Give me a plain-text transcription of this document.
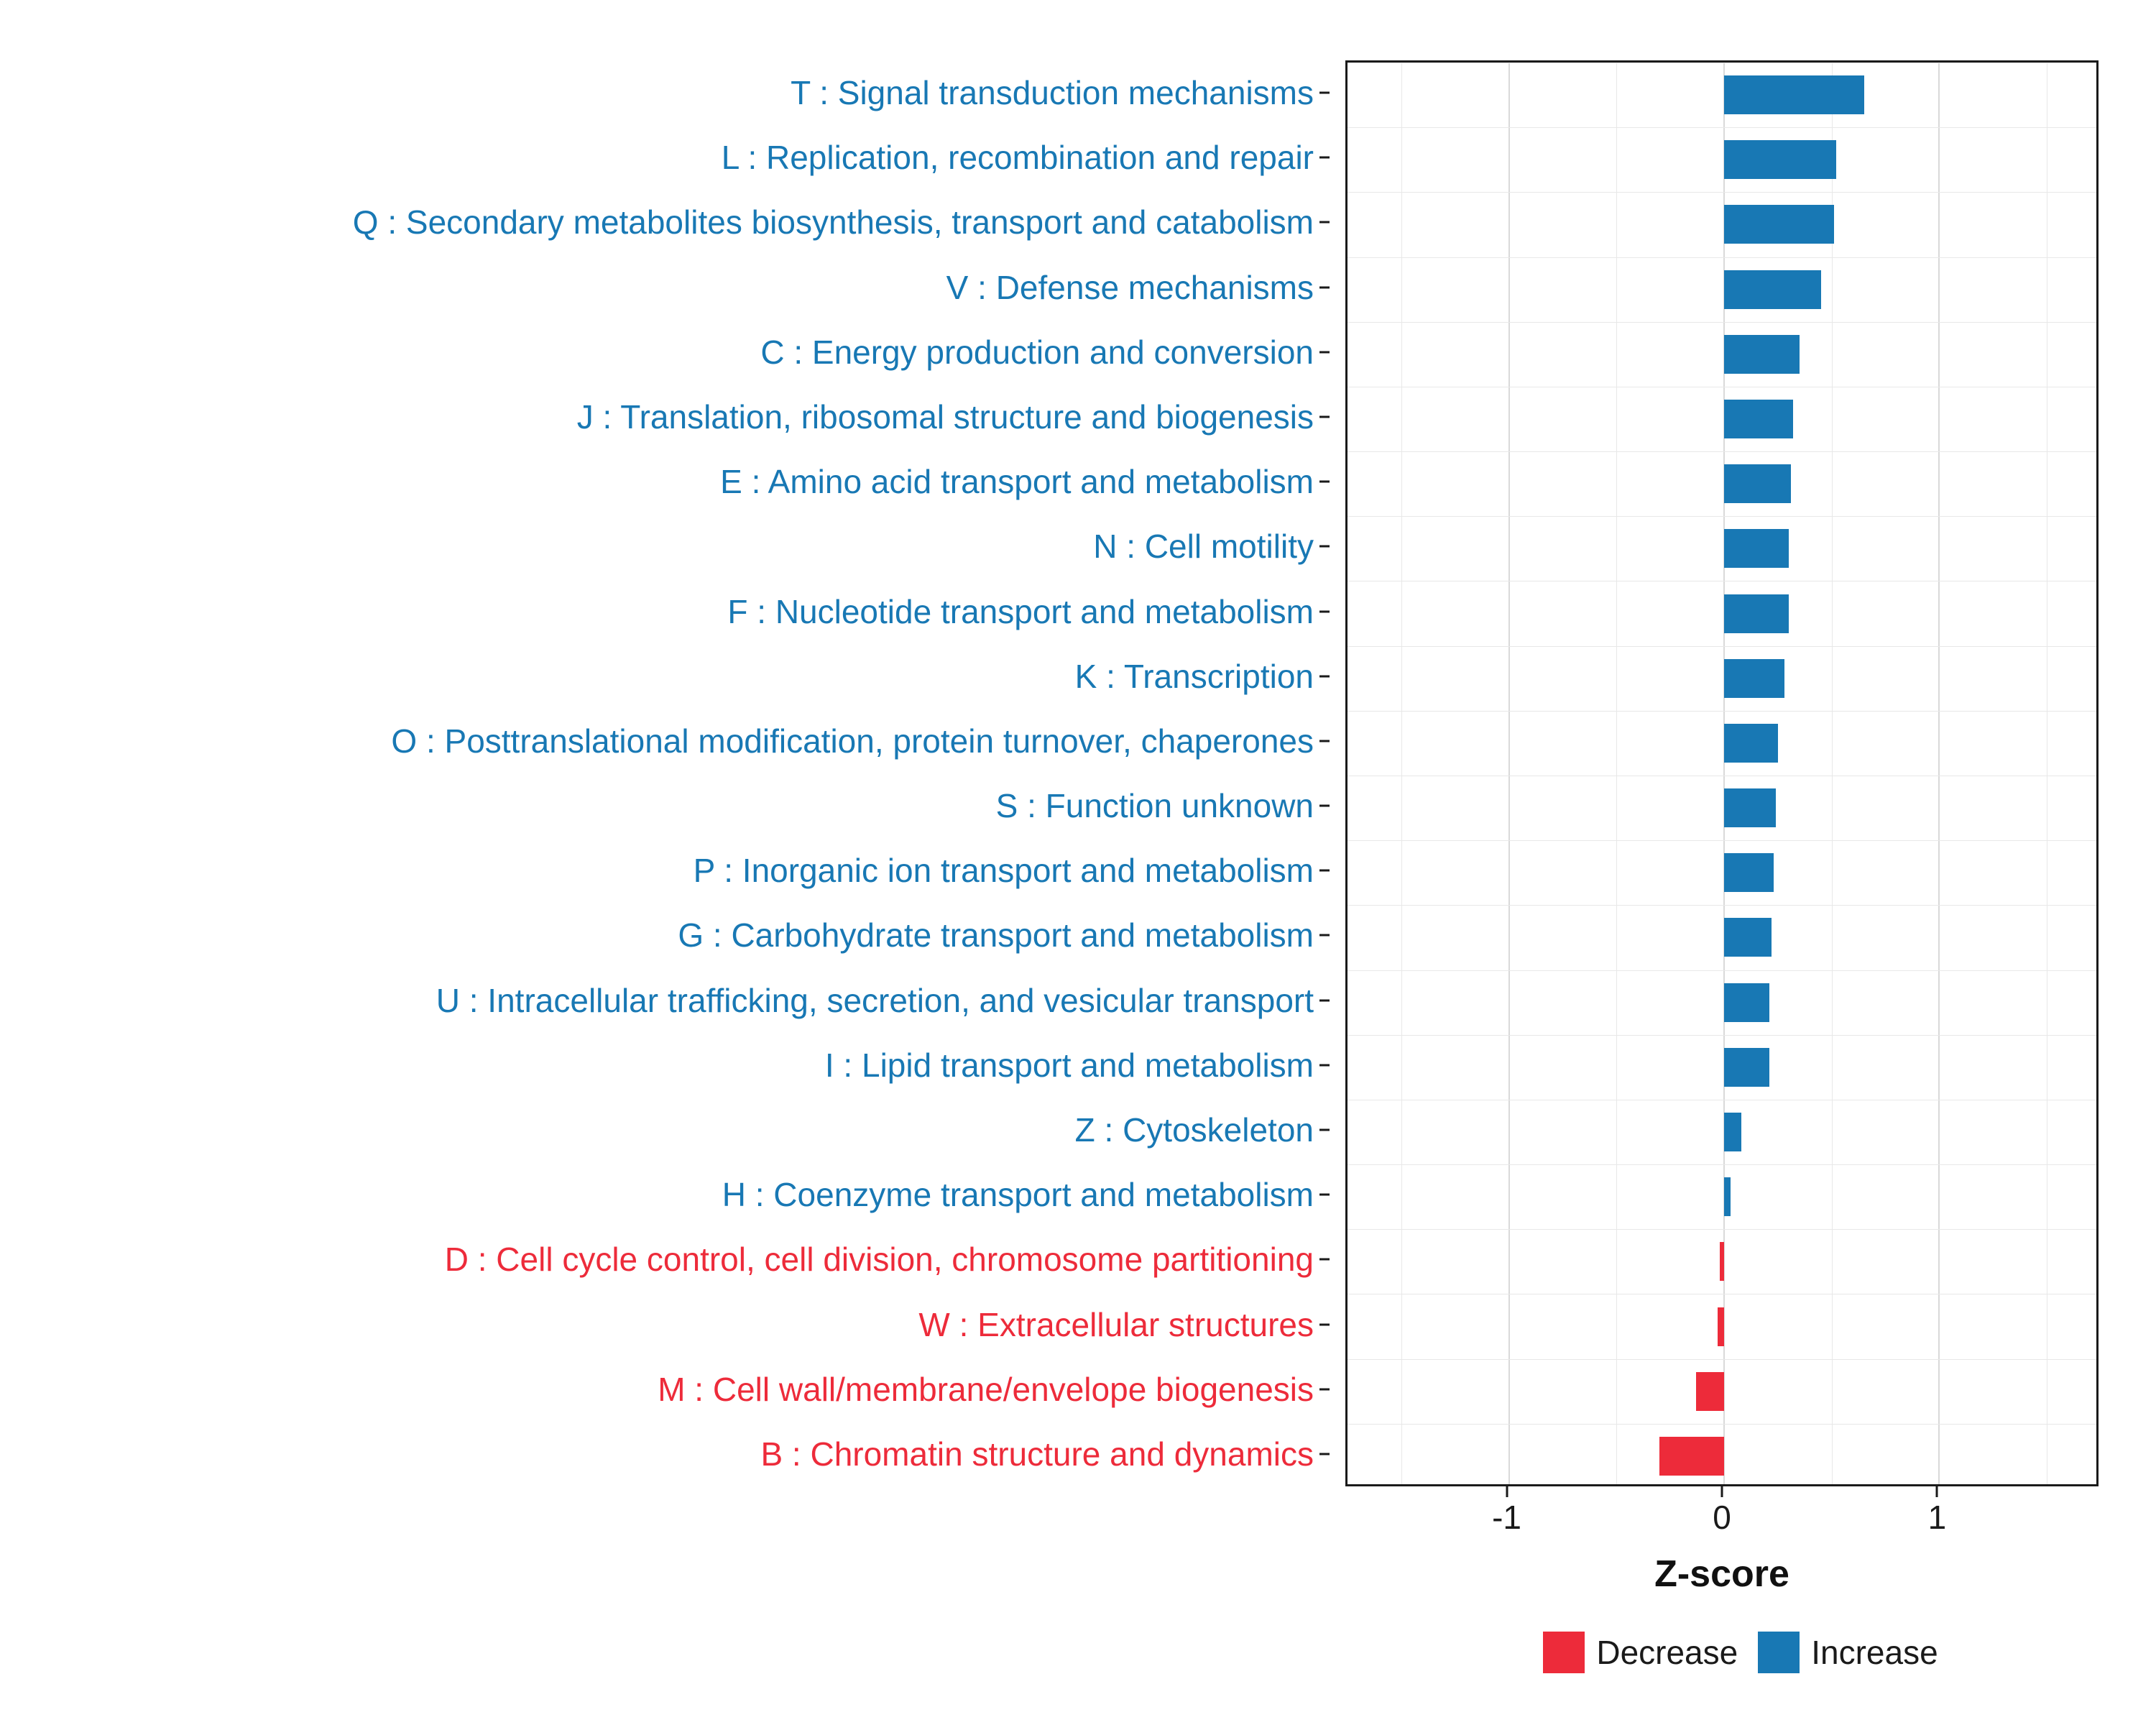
T : Signal transduction mechanisms
L : Replication, recombination and repair
Q : Secondary metabolites biosynthesis, transport and catabolism
V : Defense mechanisms
C : Energy production and conversion
J : Translation, ribosomal structure and biogenesis
E : Amino acid transport and metabolism
N : Cell motility
F : Nucleotide transport and metabolism
K : Transcription
O : Posttranslational modification, protein turnover, chaperones
S : Function unknown
P : Inorganic ion transport and metabolism
G : Carbohydrate transport and metabolism
U : Intracellular trafficking, secretion, and vesicular transport
I : Lipid transport and metabolism
Z : Cytoskeleton
H : Coenzyme transport and metabolism
D : Cell cycle control, cell division, chromosome partitioning
W : Extracellular structures
M : Cell wall/membrane/envelope biogenesis
B : Chromatin structure and dynamics
-1	0	1
Z-score
Decrease Increase
